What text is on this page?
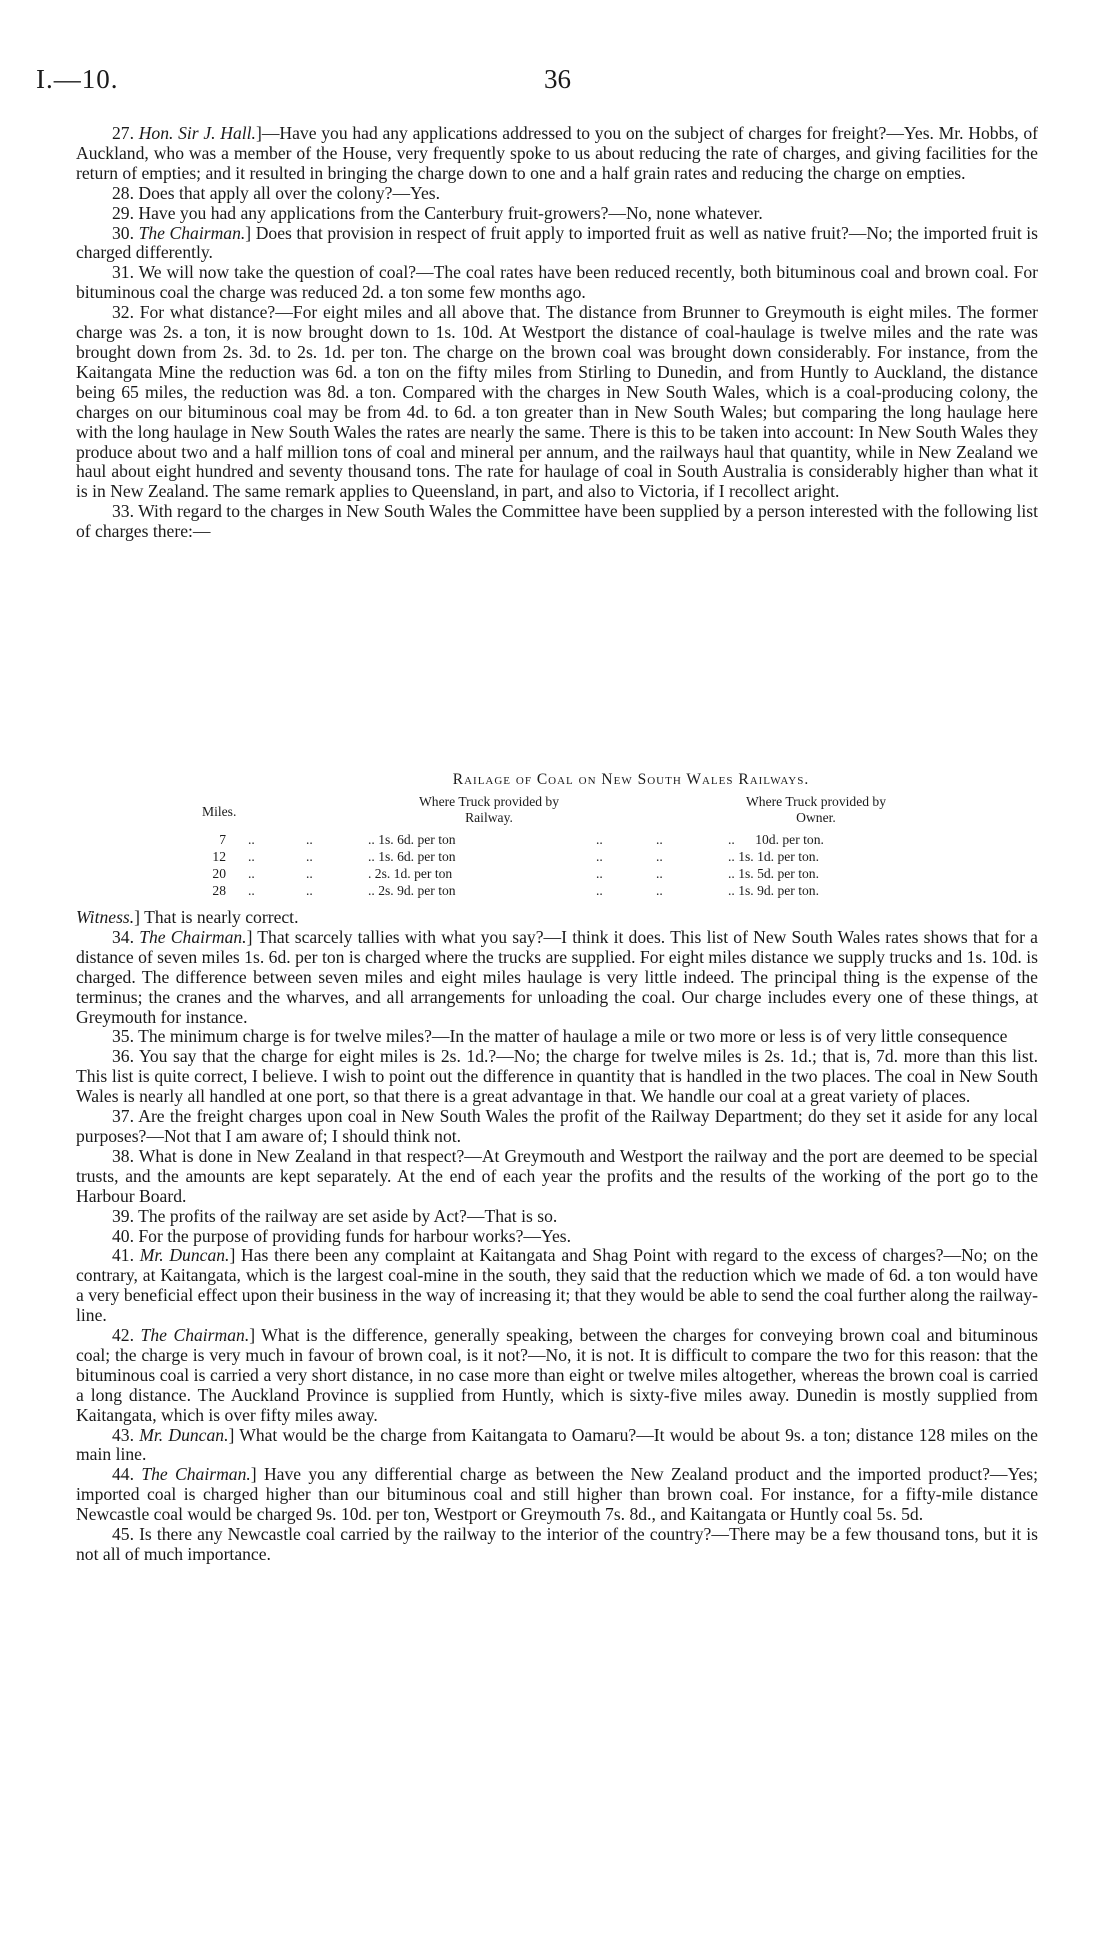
I.—10.	36

27. Hon. Sir J. Hall.]—Have you had any applications addressed to you on the subject of charges for freight?—Yes. Mr. Hobbs, of Auckland, who was a member of the House, very frequently spoke to us about reducing the rate of charges, and giving facilities for the return of empties; and it resulted in bringing the charge down to one and a half grain rates and reducing the charge on empties.

28. Does that apply all over the colony?—Yes.

29. Have you had any applications from the Canterbury fruit-growers?—No, none whatever.

30. The Chairman.] Does that provision in respect of fruit apply to imported fruit as well as native fruit?—No; the imported fruit is charged differently.

31. We will now take the question of coal?—The coal rates have been reduced recently, both bituminous coal and brown coal. For bituminous coal the charge was reduced 2d. a ton some few months ago.

32. For what distance?—For eight miles and all above that. The distance from Brunner to Greymouth is eight miles. The former charge was 2s. a ton, it is now brought down to 1s. 10d. At Westport the distance of coal-haulage is twelve miles and the rate was brought down from 2s. 3d. to 2s. 1d. per ton. The charge on the brown coal was brought down considerably. For instance, from the Kaitangata Mine the reduction was 6d. a ton on the fifty miles from Stirling to Dunedin, and from Huntly to Auckland, the distance being 65 miles, the reduction was 8d. a ton. Compared with the charges in New South Wales, which is a coal-producing colony, the charges on our bituminous coal may be from 4d. to 6d. a ton greater than in New South Wales; but comparing the long haulage here with the long haulage in New South Wales the rates are nearly the same. There is this to be taken into account: In New South Wales they produce about two and a half million tons of coal and mineral per annum, and the railways haul that quantity, while in New Zealand we haul about eight hundred and seventy thousand tons. The rate for haulage of coal in South Australia is considerably higher than what it is in New Zealand. The same remark applies to Queensland, in part, and also to Victoria, if I recollect aright.

33. With regard to the charges in New South Wales the Committee have been supplied by a person interested with the following list of charges there:—

Railage of Coal on New South Wales Railways.
Miles.
Where Truck provided by Railway.
Where Truck provided by Owner.
7 ..	..	.. 1s. 6d. per ton	..	..	..      10d. per ton.
12 ..	..	.. 1s. 6d. per ton	..	..	.. 1s. 1d. per ton.
20 ..	..	. 2s. 1d. per ton	..	..	.. 1s. 5d. per ton.
28 ..	..	.. 2s. 9d. per ton	..	..	.. 1s. 9d. per ton.

Witness.] That is nearly correct.

34. The Chairman.] That scarcely tallies with what you say?—I think it does. This list of New South Wales rates shows that for a distance of seven miles 1s. 6d. per ton is charged where the trucks are supplied. For eight miles distance we supply trucks and 1s. 10d. is charged. The difference between seven miles and eight miles haulage is very little indeed. The principal thing is the expense of the terminus; the cranes and the wharves, and all arrangements for unloading the coal. Our charge includes every one of these things, at Greymouth for instance.

35. The minimum charge is for twelve miles?—In the matter of haulage a mile or two more or less is of very little consequence

36. You say that the charge for eight miles is 2s. 1d.?—No; the charge for twelve miles is 2s. 1d.; that is, 7d. more than this list. This list is quite correct, I believe. I wish to point out the difference in quantity that is handled in the two places. The coal in New South Wales is nearly all handled at one port, so that there is a great advantage in that. We handle our coal at a great variety of places.

37. Are the freight charges upon coal in New South Wales the profit of the Railway Department; do they set it aside for any local purposes?—Not that I am aware of; I should think not.

38. What is done in New Zealand in that respect?—At Greymouth and Westport the railway and the port are deemed to be special trusts, and the amounts are kept separately. At the end of each year the profits and the results of the working of the port go to the Harbour Board.

39. The profits of the railway are set aside by Act?—That is so.

40. For the purpose of providing funds for harbour works?—Yes.

41. Mr. Duncan.] Has there been any complaint at Kaitangata and Shag Point with regard to the excess of charges?—No; on the contrary, at Kaitangata, which is the largest coal-mine in the south, they said that the reduction which we made of 6d. a ton would have a very beneficial effect upon their business in the way of increasing it; that they would be able to send the coal further along the railway-line.

42. The Chairman.] What is the difference, generally speaking, between the charges for conveying brown coal and bituminous coal; the charge is very much in favour of brown coal, is it not?—No, it is not. It is difficult to compare the two for this reason: that the bituminous coal is carried a very short distance, in no case more than eight or twelve miles altogether, whereas the brown coal is carried a long distance. The Auckland Province is supplied from Huntly, which is sixty-five miles away. Dunedin is mostly supplied from Kaitangata, which is over fifty miles away.

43. Mr. Duncan.] What would be the charge from Kaitangata to Oamaru?—It would be about 9s. a ton; distance 128 miles on the main line.

44. The Chairman.] Have you any differential charge as between the New Zealand product and the imported product?—Yes; imported coal is charged higher than our bituminous coal and still higher than brown coal. For instance, for a fifty-mile distance Newcastle coal would be charged 9s. 10d. per ton, Westport or Greymouth 7s. 8d., and Kaitangata or Huntly coal 5s. 5d.

45. Is there any Newcastle coal carried by the railway to the interior of the country?—There may be a few thousand tons, but it is not all of much importance.
